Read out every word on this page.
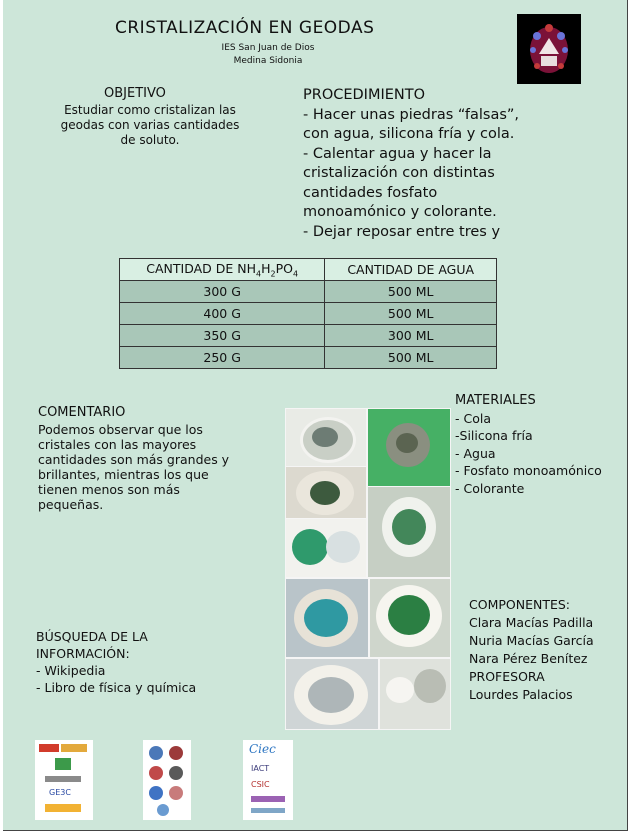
CRISTALIZACIÓN EN GEODAS
IES San Juan de Dios
Medina Sidonia
OBJETIVO
Estudiar como cristalizan las
geodas con varias cantidades
de soluto.
PROCEDIMIENTO
- Hacer unas piedras “falsas”,
con agua, silicona fría y cola.
- Calentar agua y hacer la
cristalización con distintas
cantidades fosfato
monoamónico y colorante.
- Dejar reposar entre tres y
CANTIDAD DE $NH_4H_2PO_4$	CANTIDAD DE AGUA
300 G	500 ML
400 G	500 ML
350 G	300 ML
250 G	500 ML
COMENTARIO
Podemos observar que los
cristales con las mayores
cantidades son más grandes y
brillantes, mientras los que
tienen menos son más
pequeñas.
MATERIALES
- Cola
-Silicona fría
- Agua
- Fosfato monoamónico
- Colorante
BÚSQUEDA DE LA
INFORMACIÓN:
- Wikipedia
- Libro de física y química
COMPONENTES:
Clara Macías Padilla
Nuria Macías García
Nara Pérez Benítez
PROFESORA
Lourdes Palacios
GE3C
Ciec
IACT
CSIC
